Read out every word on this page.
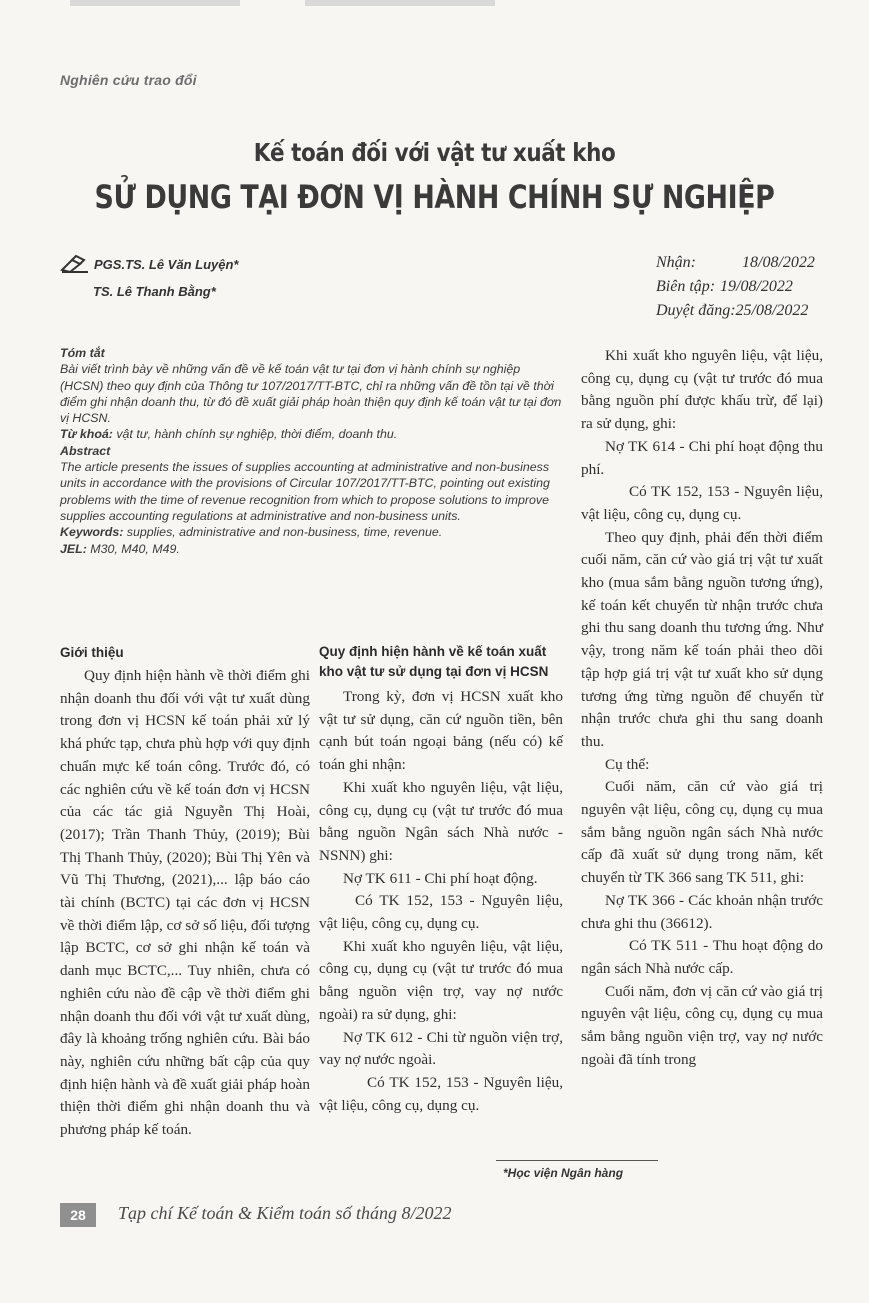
Nghiên cứu trao đổi
Kế toán đối với vật tư xuất kho
SỬ DỤNG TẠI ĐƠN VỊ HÀNH CHÍNH SỰ NGHIỆP
PGS.TS. Lê Văn Luyện*
TS. Lê Thanh Bằng*
Nhận:	18/08/2022
Biên tập: 19/08/2022
Duyệt đăng:25/08/2022

Tóm tắt

Bài viết trình bày về những vấn đề về kế toán vật tư tại đơn vị hành chính sự nghiệp (HCSN) theo quy định của Thông tư 107/2017/TT-BTC, chỉ ra những vấn đề tồn tại về thời điểm ghi nhận doanh thu, từ đó đề xuất giải pháp hoàn thiện quy định kế toán vật tư tại đơn vị HCSN.

Từ khoá: vật tư, hành chính sự nghiệp, thời điểm, doanh thu.

Abstract

The article presents the issues of supplies accounting at administrative and non-business units in accordance with the provisions of Circular 107/2017/TT-BTC, pointing out existing problems with the time of revenue recognition from which to propose solutions to improve supplies accounting regulations at administrative and non-business units.

Keywords: supplies, administrative and non-business, time, revenue.

JEL: M30, M40, M49.

Giới thiệu

Quy định hiện hành về thời điểm ghi nhận doanh thu đối với vật tư xuất dùng trong đơn vị HCSN kế toán phải xử lý khá phức tạp, chưa phù hợp với quy định chuẩn mực kế toán công. Trước đó, có các nghiên cứu về kế toán đơn vị HCSN của các tác giả Nguyễn Thị Hoài, (2017); Trần Thanh Thủy, (2019); Bùi Thị Thanh Thủy, (2020); Bùi Thị Yên và Vũ Thị Thương, (2021),... lập báo cáo tài chính (BCTC) tại các đơn vị HCSN về thời điểm lập, cơ sở số liệu, đối tượng lập BCTC, cơ sở ghi nhận kế toán và danh mục BCTC,... Tuy nhiên, chưa có nghiên cứu nào đề cập về thời điểm ghi nhận doanh thu đối với vật tư xuất dùng, đây là khoảng trống nghiên cứu. Bài báo này, nghiên cứu những bất cập của quy định hiện hành và đề xuất giải pháp hoàn thiện thời điểm ghi nhận doanh thu và phương pháp kế toán.

Quy định hiện hành về kế toán xuất kho vật tư sử dụng tại đơn vị HCSN

Trong kỳ, đơn vị HCSN xuất kho vật tư sử dụng, căn cứ nguồn tiền, bên cạnh bút toán ngoại bảng (nếu có) kế toán ghi nhận:

Khi xuất kho nguyên liệu, vật liệu, công cụ, dụng cụ (vật tư trước đó mua bằng nguồn Ngân sách Nhà nước - NSNN) ghi:

Nợ TK 611 - Chi phí hoạt động.

Có TK 152, 153 - Nguyên liệu, vật liệu, công cụ, dụng cụ.

Khi xuất kho nguyên liệu, vật liệu, công cụ, dụng cụ (vật tư trước đó mua bằng nguồn viện trợ, vay nợ nước ngoài) ra sử dụng, ghi:

Nợ TK 612 - Chi từ nguồn viện trợ, vay nợ nước ngoài.

Có TK 152, 153 - Nguyên liệu, vật liệu, công cụ, dụng cụ.

Khi xuất kho nguyên liệu, vật liệu, công cụ, dụng cụ (vật tư trước đó mua bằng nguồn phí được khấu trừ, để lại) ra sử dụng, ghi:

Nợ TK 614 - Chi phí hoạt động thu phí.

Có TK 152, 153 - Nguyên liệu, vật liệu, công cụ, dụng cụ.

Theo quy định, phải đến thời điểm cuối năm, căn cứ vào giá trị vật tư xuất kho (mua sắm bằng nguồn tương ứng), kế toán kết chuyển từ nhận trước chưa ghi thu sang doanh thu tương ứng. Như vậy, trong năm kế toán phải theo dõi tập hợp giá trị vật tư xuất kho sử dụng tương ứng từng nguồn để chuyển từ nhận trước chưa ghi thu sang doanh thu.

Cụ thể:

Cuối năm, căn cứ vào giá trị nguyên vật liệu, công cụ, dụng cụ mua sắm bằng nguồn ngân sách Nhà nước cấp đã xuất sử dụng trong năm, kết chuyển từ TK 366 sang TK 511, ghi:

Nợ TK 366 - Các khoản nhận trước chưa ghi thu (36612).

Có TK 511 - Thu hoạt động do ngân sách Nhà nước cấp.

Cuối năm, đơn vị căn cứ vào giá trị nguyên vật liệu, công cụ, dụng cụ mua sắm bằng nguồn viện trợ, vay nợ nước ngoài đã tính trong

*Học viện Ngân hàng
28	Tạp chí Kế toán & Kiểm toán số tháng 8/2022
